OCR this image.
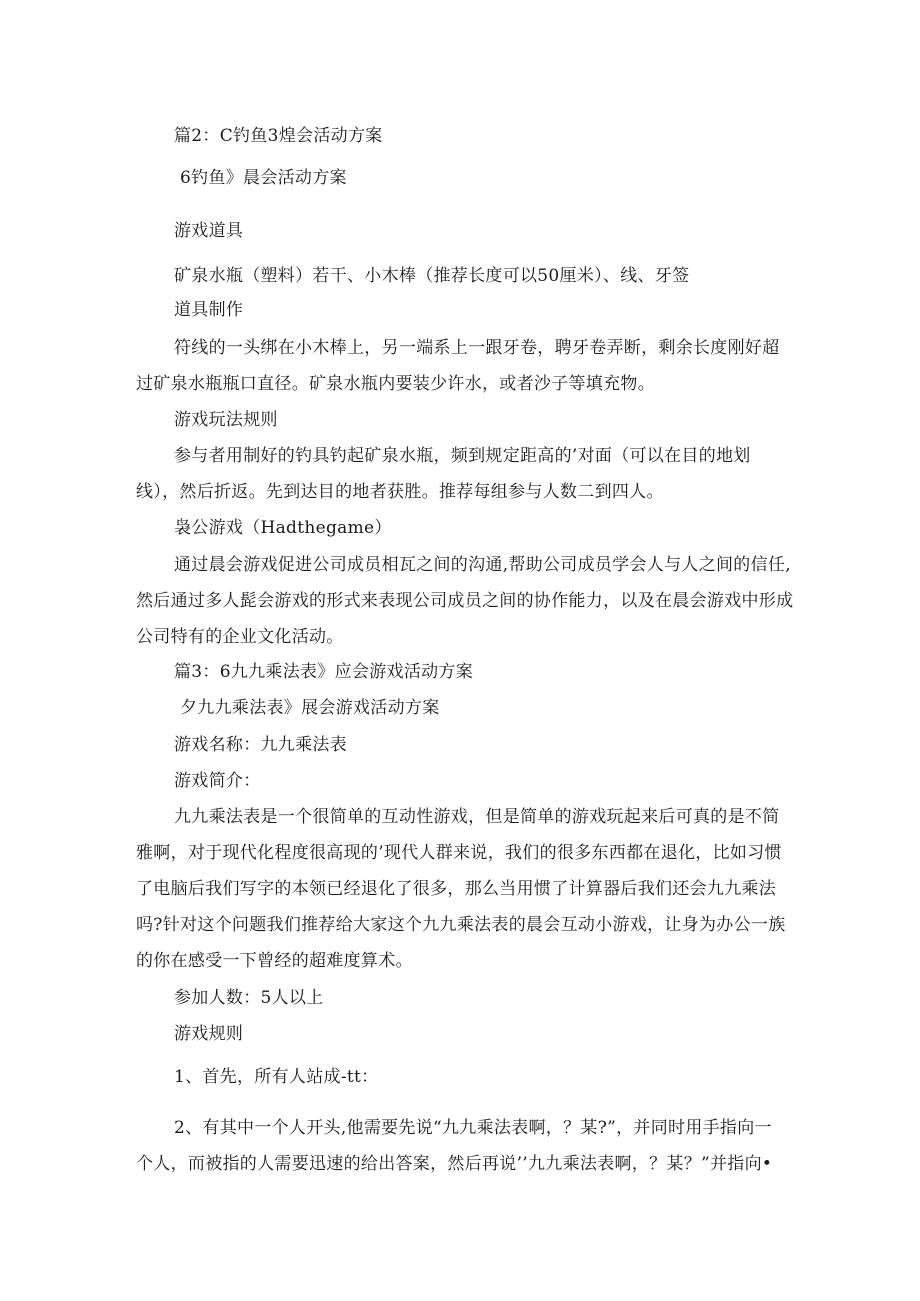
篇2：C钓鱼3煌会活动方案
6钓鱼》晨会活动方案
游戏道具
矿泉水瓶（塑料）若干、小木棒（推荐长度可以50厘米）、线、牙签
道具制作
符线的一头绑在小木棒上，另一端系上一跟牙卷，聘牙卷弄断，剩余长度刚好超
过矿泉水瓶瓶口直径。矿泉水瓶内要装少许水，或者沙子等填充物。
游戏玩法规则
参与者用制好的钓具钓起矿泉水瓶，频到规定距高的’对面（可以在目的地划
线），然后折返。先到达目的地者获胜。推荐每组参与人数二到四人。
袅公游戏（Hadthegame）
通过晨会游戏促进公司成员相瓦之间的沟通,帮助公司成员学会人与人之间的信任,
然后通过多人髭会游戏的形式来表现公司成员之间的协作能力，以及在晨会游戏中形成
公司特有的企业文化活动。
篇3：6九九乘法表》应会游戏活动方案
夕九九乘法表》展会游戏活动方案
游戏名称：九九乘法表
游戏简介：
九九乘法表是一个很简单的互动性游戏，但是简单的游戏玩起来后可真的是不简
雅啊，对于现代化程度很高现的’现代人群来说，我们的很多东西都在退化，比如习惯
了电脑后我们写字的本领已经退化了很多，那么当用惯了计算器后我们还会九九乘法
吗?针对这个问题我们推荐给大家这个九九乘法表的晨会互动小游戏，让身为办公一族
的你在感受一下曾经的超难度算术。
参加人数：5人以上
游戏规则
1、首先，所有人站成-tt：
2、有其中一个人开头,他需要先说“九九乘法表啊，？某?”，并同时用手指向一
个人，而被指的人需要迅速的给出答案，然后再说’’九九乘法表啊，？某？”并指向•
